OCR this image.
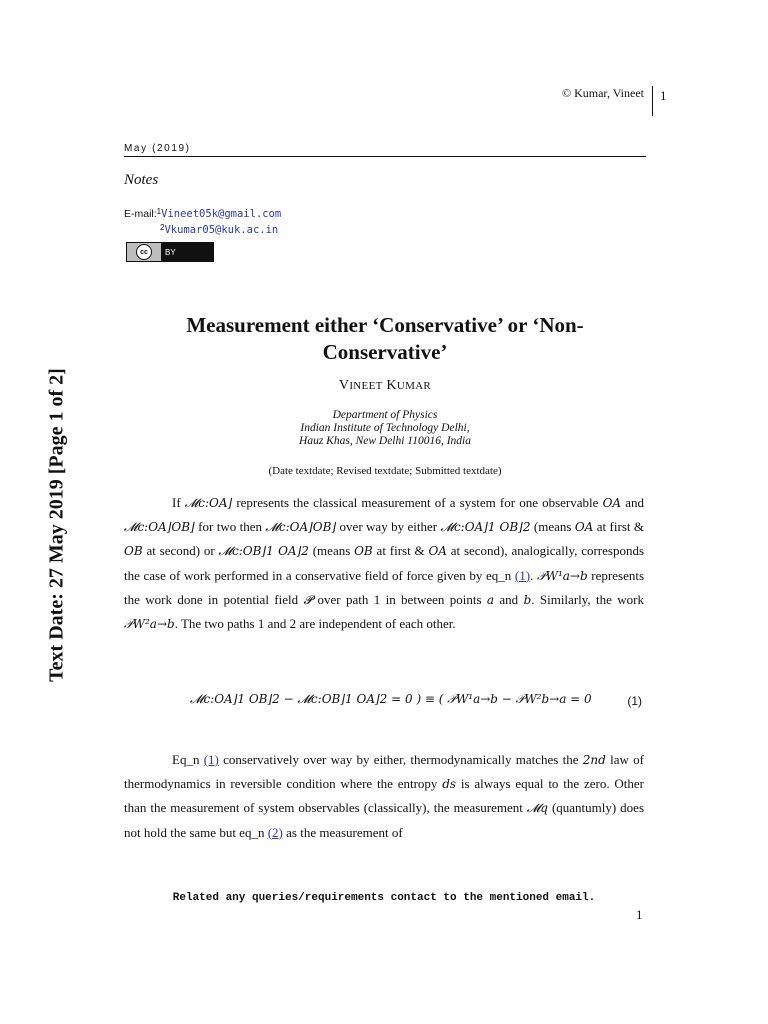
© Kumar, Vineet 1
May (2019)
Notes
E-mail:$^1$Vineet05k@gmail.com
$^2$Vkumar05@kuk.ac.in
cc	BY
Text Date: 27 May 2019 [Page 1 of 2]
Measurement either ‘Conservative’ or ‘Non-Conservative’
VINEET KUMAR
Department of Physics
Indian Institute of Technology Delhi,
Hauz Khas, New Delhi 110016, India
(Date textdate; Revised textdate; Submitted textdate)
If 𝓜c:OA⌋ represents the classical measurement of a system for one observable OA and 𝓜c:OA⌋OB⌋ for two then 𝓜c:OA⌋OB⌋ over way by either 𝓜c:OA⌋1 OB⌋2 (means OA at first & OB at second) or 𝓜c:OB⌋1 OA⌋2 (means OB at first & OA at second), analogically, corresponds the case of work performed in a conservative field of force given by eq_n (1). 𝒫W¹a→b represents the work done in potential field 𝓟 over path 1 in between points a and b. Similarly, the work 𝒫W²a→b. The two paths 1 and 2 are independent of each other.
𝓜c:OA⌋1 OB⌋2 − 𝓜c:OB⌋1 OA⌋2 = 0 ) ≡ ( 𝒫W¹a→b − 𝒫W²b→a = 0	(1)
Eq_n (1) conservatively over way by either, thermodynamically matches the 2nd law of thermodynamics in reversible condition where the entropy ds is always equal to the zero. Other than the measurement of system observables (classically), the measurement 𝓜q (quantumly) does not hold the same but eq_n (2) as the measurement of
Related any queries/requirements contact to the mentioned email.
1
